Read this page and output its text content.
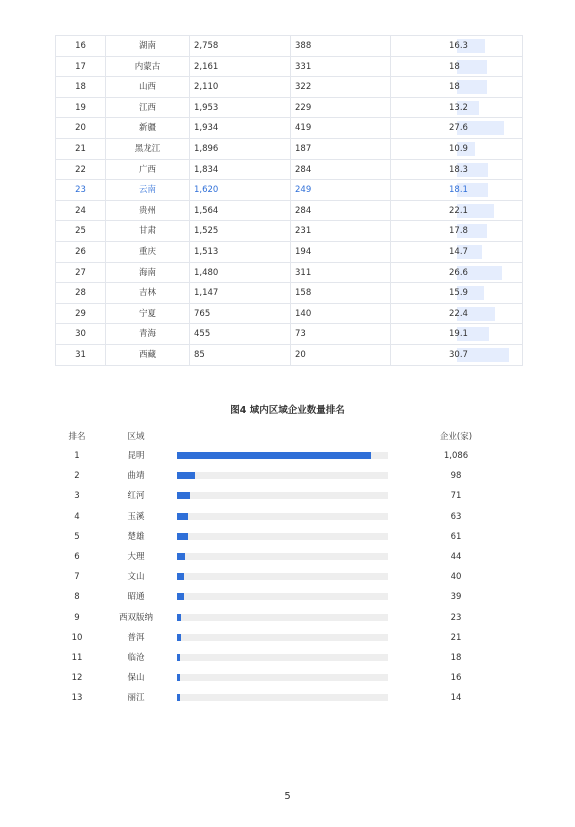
16	湖南	2,758	388	16.3
17	内蒙古	2,161	331	18
18	山西	2,110	322	18
19	江西	1,953	229	13.2
20	新疆	1,934	419	27.6
21	黑龙江	1,896	187	10.9
22	广西	1,834	284	18.3
23	云南	1,620	249	18.1
24	贵州	1,564	284	22.1
25	甘肃	1,525	231	17.8
26	重庆	1,513	194	14.7
27	海南	1,480	311	26.6
28	吉林	1,147	158	15.9
29	宁夏	765	140	22.4
30	青海	455	73	19.1
31	西藏	85	20	30.7
图4 域内区域企业数量排名
排名	区域	企业(家)
1	昆明	1,086
2	曲靖	98
3	红河	71
4	玉溪	63
5	楚雄	61
6	大理	44
7	文山	40
8	昭通	39
9	西双版纳	23
10	普洱	21
11	临沧	18
12	保山	16
13	丽江	14
5
